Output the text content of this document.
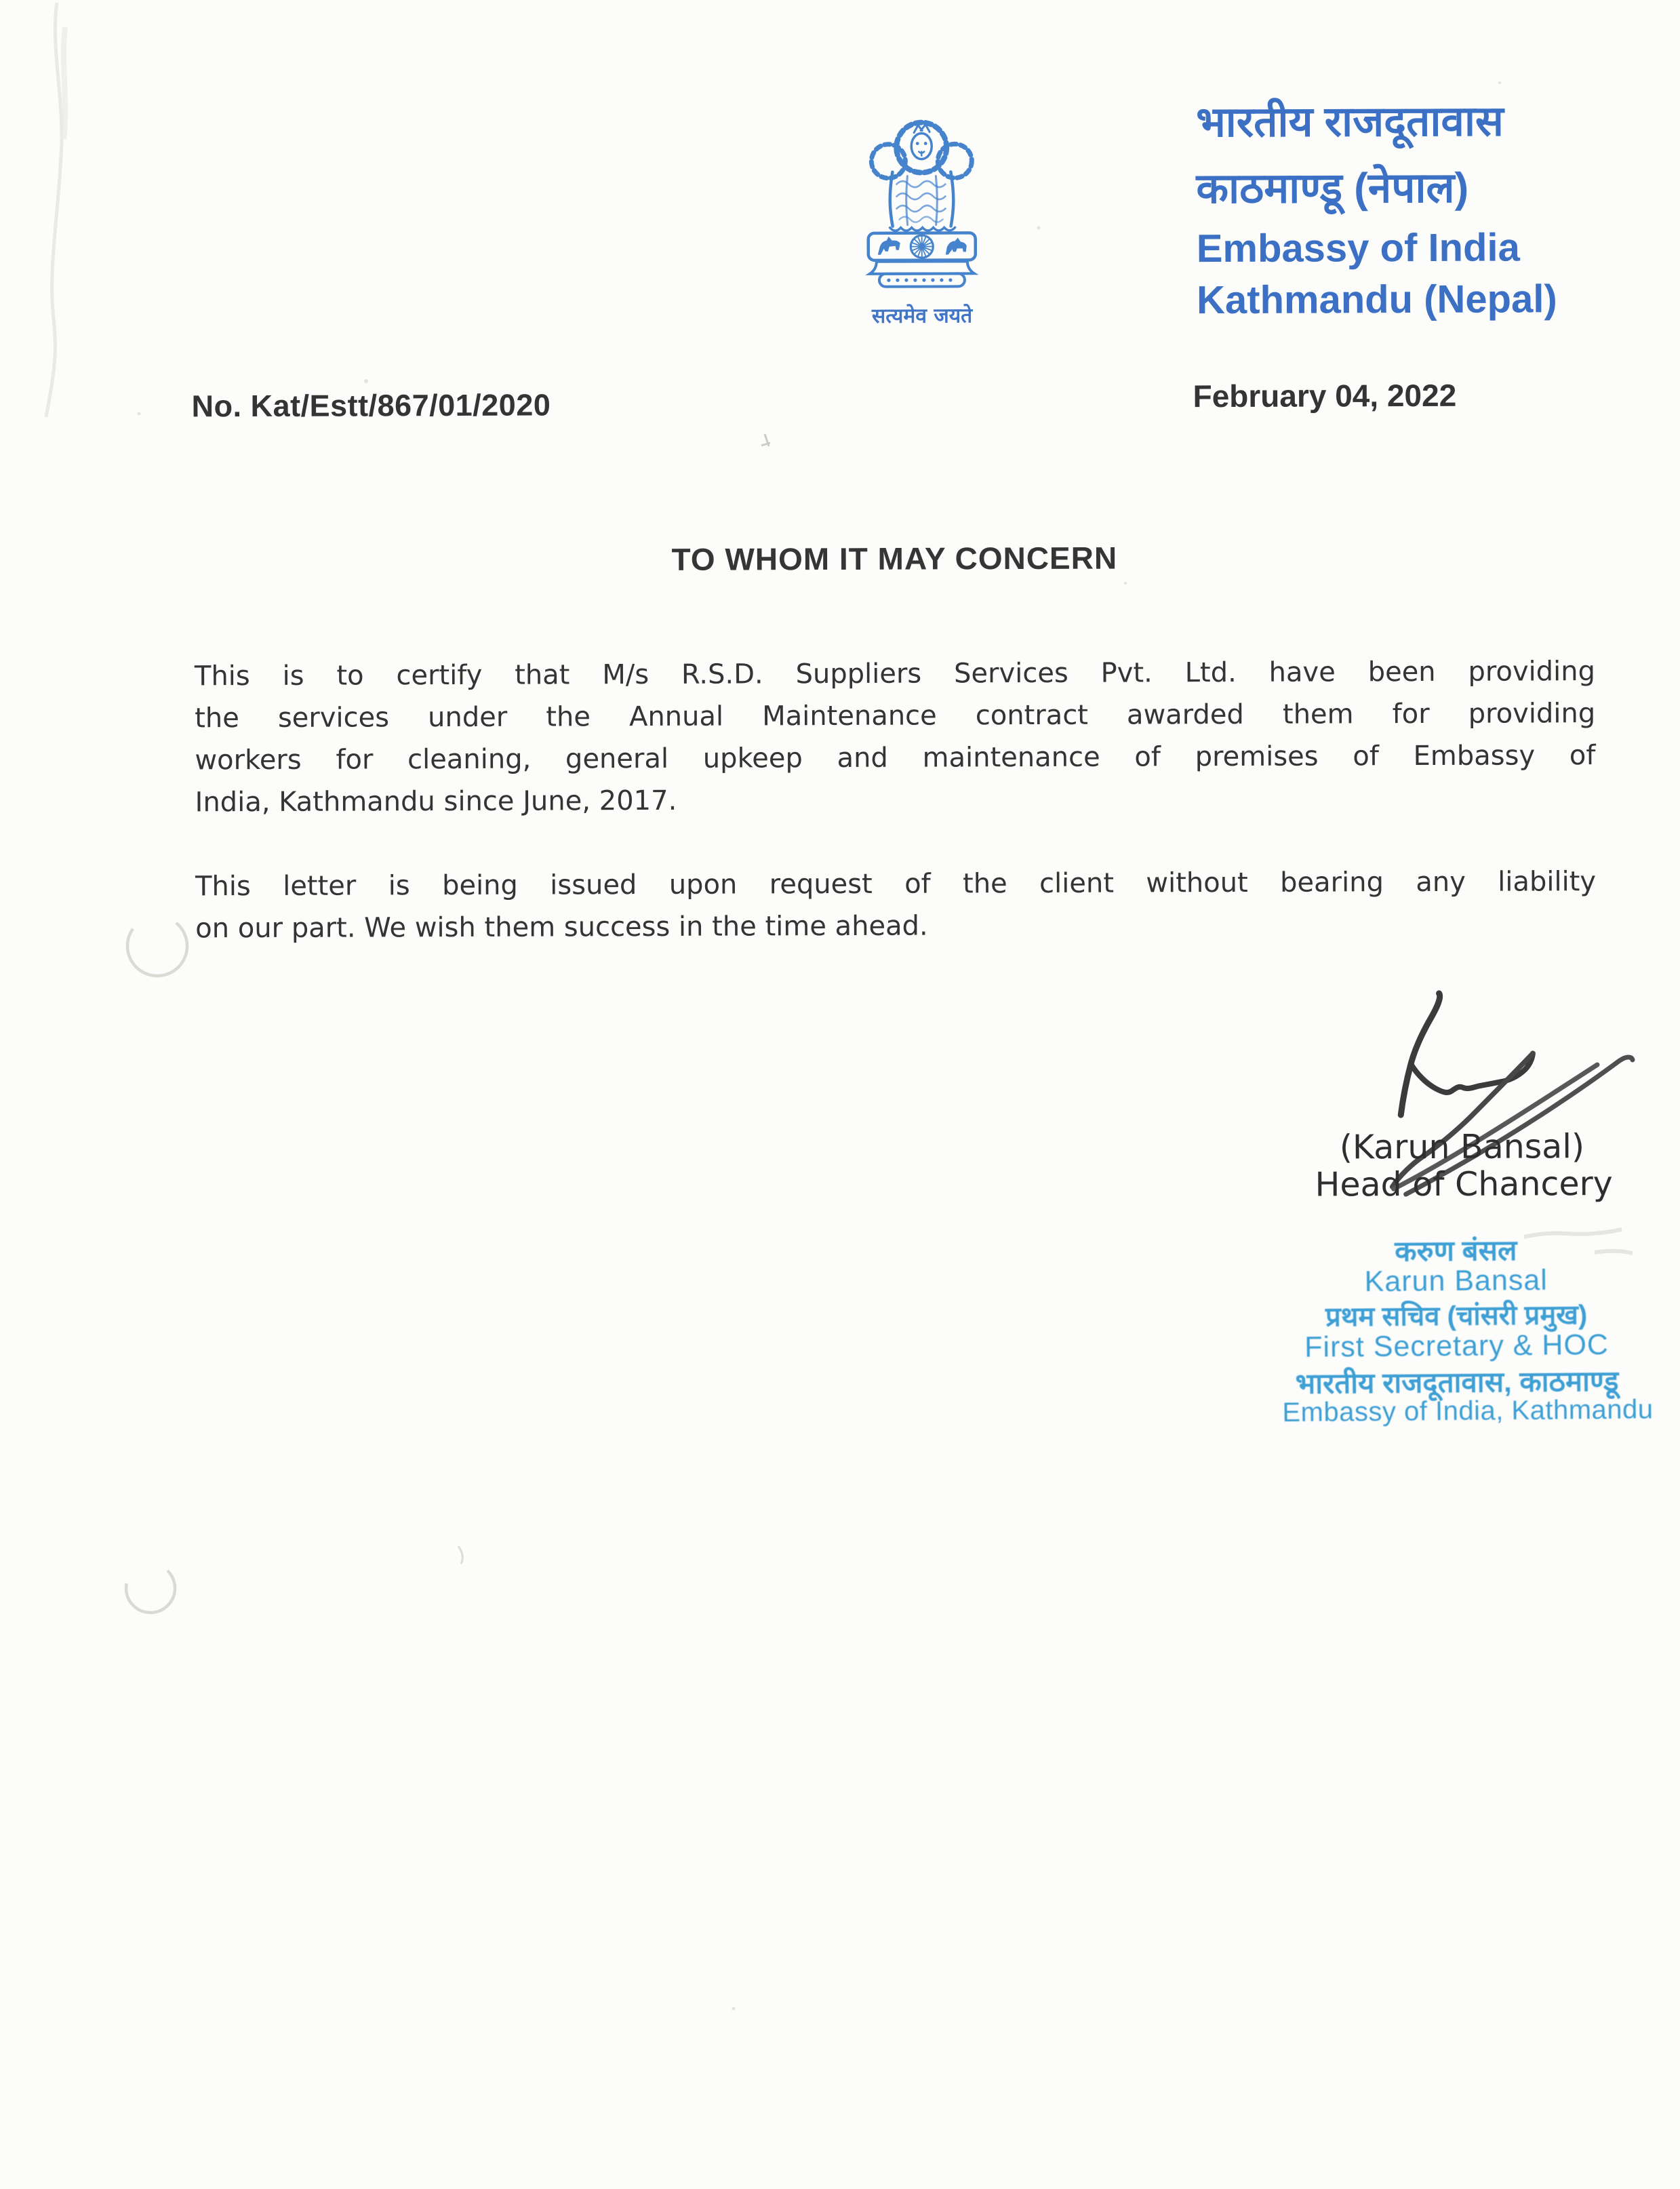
सत्यमेव जयते
भारतीय राजदूतावास
काठमाण्डू (नेपाल)
Embassy of India
Kathmandu (Nepal)
No. Kat/Estt/867/01/2020	February 04, 2022
TO WHOM IT MAY CONCERN
This is to certify that M/s R.S.D. Suppliers Services Pvt. Ltd. have been providing
the services under the Annual Maintenance contract awarded them for providing
workers for cleaning, general upkeep and maintenance of premises of Embassy of
India, Kathmandu since June, 2017.
This letter is being issued upon request of the client without bearing any liability
on our part. We wish them success in the time ahead.
(Karun Bansal)
Head of Chancery
करुण बंसल
Karun Bansal
प्रथम सचिव (चांसरी प्रमुख)
First Secretary & HOC
भारतीय राजदूतावास, काठमाण्डू
Embassy of India, Kathmandu
